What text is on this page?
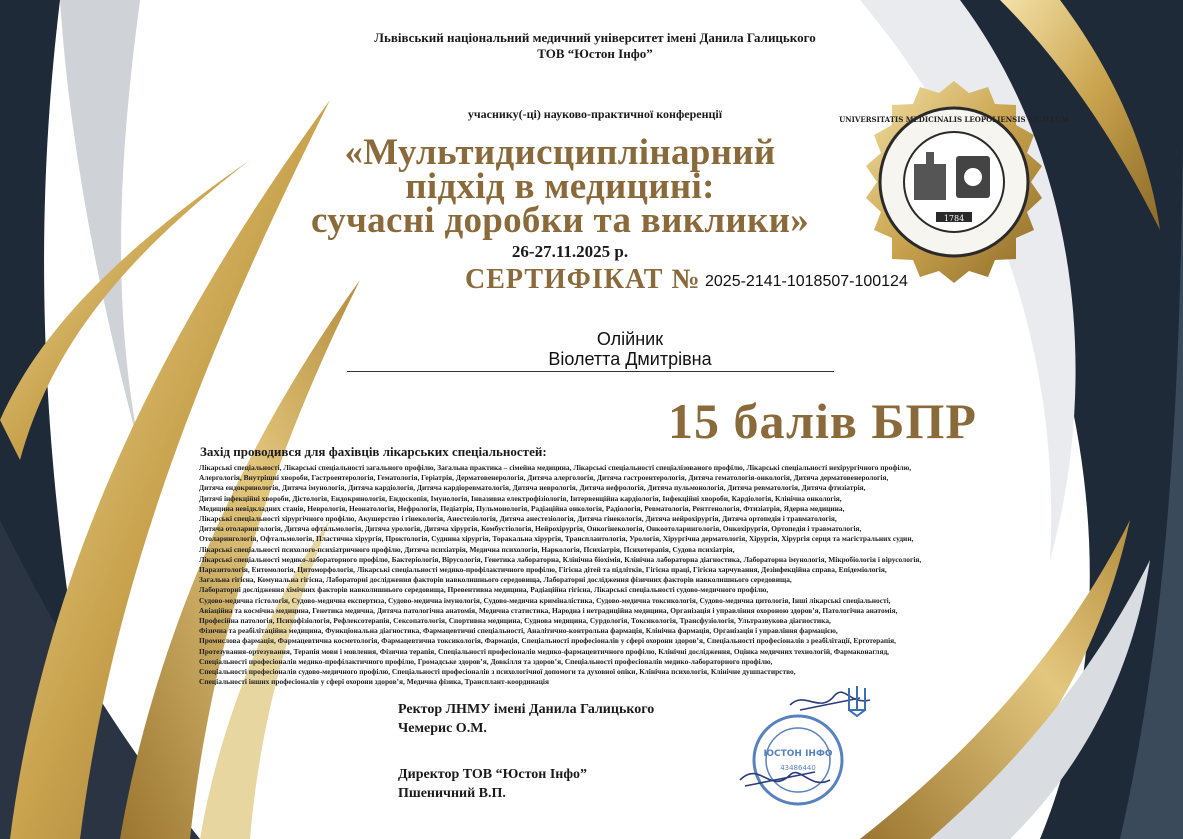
1784
UNIVERSITATIS MEDICINALIS LEOPOLIENSIS SIGILLUM
ЮСТОН ІНФО
43486440
Львівський національний медичний університет імені Данила Галицького
ТОВ “Юстон Інфо”
учаснику(-ці) науково-практичної конференції
«Мультидисциплінарний
підхід в медицині:
сучасні доробки та виклики»
26-27.11.2025 р.
СЕРТИФІКАТ № 2025-2141-1018507-100124
Олійник
Віолетта Дмитрівна
15 балів БПР
Захід проводився для фахівців лікарських спеціальностей:
Лікарські спеціальності, Лікарські спеціальності загального профілю, Загальна практика – сімейна медицина, Лікарські спеціальності спеціалізованого профілю, Лікарські спеціальності нехірургічного профілю,
Алергологія, Внутрішні хвороби, Гастроентерологія, Гематологія, Геріатрія, Дерматовенерологія, Дитяча алергологія, Дитяча гастроентерологія, Дитяча гематологія-онкологія, Дитяча дерматовенерологія,
Дитяча ендокринологія, Дитяча імунологія, Дитяча кардіологія, Дитяча кардіоревматологія, Дитяча неврологія, Дитяча нефрологія, Дитяча пульмонологія, Дитяча ревматологія, Дитяча фтизіатрія,
Дитячі інфекційні хвороби, Дієтологія, Ендокринологія, Ендоскопія, Імунологія, Інвазивна електрофізіологія, Інтервенційна кардіологія, Інфекційні хвороби, Кардіологія, Клінічна онкологія,
Медицина невідкладних станів, Неврологія, Неонатологія, Нефрологія, Педіатрія, Пульмонологія, Радіаційна онкологія, Радіологія, Ревматологія, Рентгенологія, Фтизіатрія, Ядерна медицина,
Лікарські спеціальності хірургічного профілю, Акушерство і гінекологія, Анестезіологія, Дитяча анестезіологія, Дитяча гінекологія, Дитяча нейрохірургія, Дитяча ортопедія і травматологія,
Дитяча отоларингологія, Дитяча офтальмологія, Дитяча урологія, Дитяча хірургія, Комбустіологія, Нейрохірургія, Онкогінекологія, Онкоотоларингологія, Онкохірургія, Ортопедія і травматологія,
Отоларингологія, Офтальмологія, Пластична хірургія, Проктологія, Судинна хірургія, Торакальна хірургія, Трансплантологія, Урологія, Хірургічна дерматологія, Хірургія, Хірургія серця та магістральних судин,
Лікарські спеціальності психолого-психіатричного профілю, Дитяча психіатрія, Медична психологія, Наркологія, Психіатрія, Психотерапія, Судова психіатрія,
Лікарські спеціальності медико-лабораторного профілю, Бактеріологія, Вірусологія, Генетика лабораторна, Клінічна біохімія, Клінічна лабораторна діагностика, Лабораторна імунологія, Мікробіологія і вірусологія,
Паразитологія, Ентомологія, Цитоморфологія, Лікарські спеціальності медико-профілактичного профілю, Гігієна дітей та підлітків, Гігієна праці, Гігієна харчування, Дезінфекційна справа, Епідеміологія,
Загальна гігієна, Комунальна гігієна, Лабораторні дослідження факторів навколишнього середовища, Лабораторні дослідження фізичних факторів навколишнього середовища,
Лабораторні дослідження хімічних факторів навколишнього середовища, Превентивна медицина, Радіаційна гігієна, Лікарські спеціальності судово-медичного профілю,
Судово-медична гістологія, Судово-медична експертиза, Судово-медична імунологія, Судово-медична криміналістика, Судово-медична токсикологія, Судово-медична цитологія, Інші лікарські спеціальності,
Авіаційна та космічна медицина, Генетика медична, Дитяча патологічна анатомія, Медична статистика, Народна і нетрадиційна медицина, Організація і управління охороною здоров’я, Патологічна анатомія,
Професійна патологія, Психофізіологія, Рефлексотерапія, Сексопатологія, Спортивна медицина, Суднова медицина, Сурдологія, Токсикологія, Трансфузіологія, Ультразвукова діагностика,
Фізична та реабілітаційна медицина, Функціональна діагностика, Фармацевтичні спеціальності, Аналітично-контрольна фармація, Клінічна фармація, Організація і управління фармацією,
Промислова фармація, Фармацевтична косметологія, Фармацевтична токсикологія, Фармація, Спеціальності професіоналів у сфері охорони здоров’я, Спеціальності професіоналів з реабілітації, Ерготерапія,
Протезування-ортезування, Терапія мови і мовлення, Фізична терапія, Спеціальності професіоналів медико-фармацевтичного профілю, Клінічні дослідження, Оцінка медичних технологій, Фармаконагляд,
Спеціальності професіоналів медико-профілактичного профілю, Громадське здоров’я, Довкілля та здоров’я, Спеціальності професіоналів медико-лабораторного профілю,
Спеціальності професіоналів судово-медичного профілю, Спеціальності професіоналів з психологічної допомоги та духовної опіки, Клінічна психологія, Клінічне душпастирство,
Спеціальності інших професіоналів у сфері охорони здоров’я, Медична фізика, Трансплант-координація
Ректор ЛНМУ імені Данила Галицького
Чемерис О.М.
Директор ТОВ “Юстон Інфо”
Пшеничний В.П.
